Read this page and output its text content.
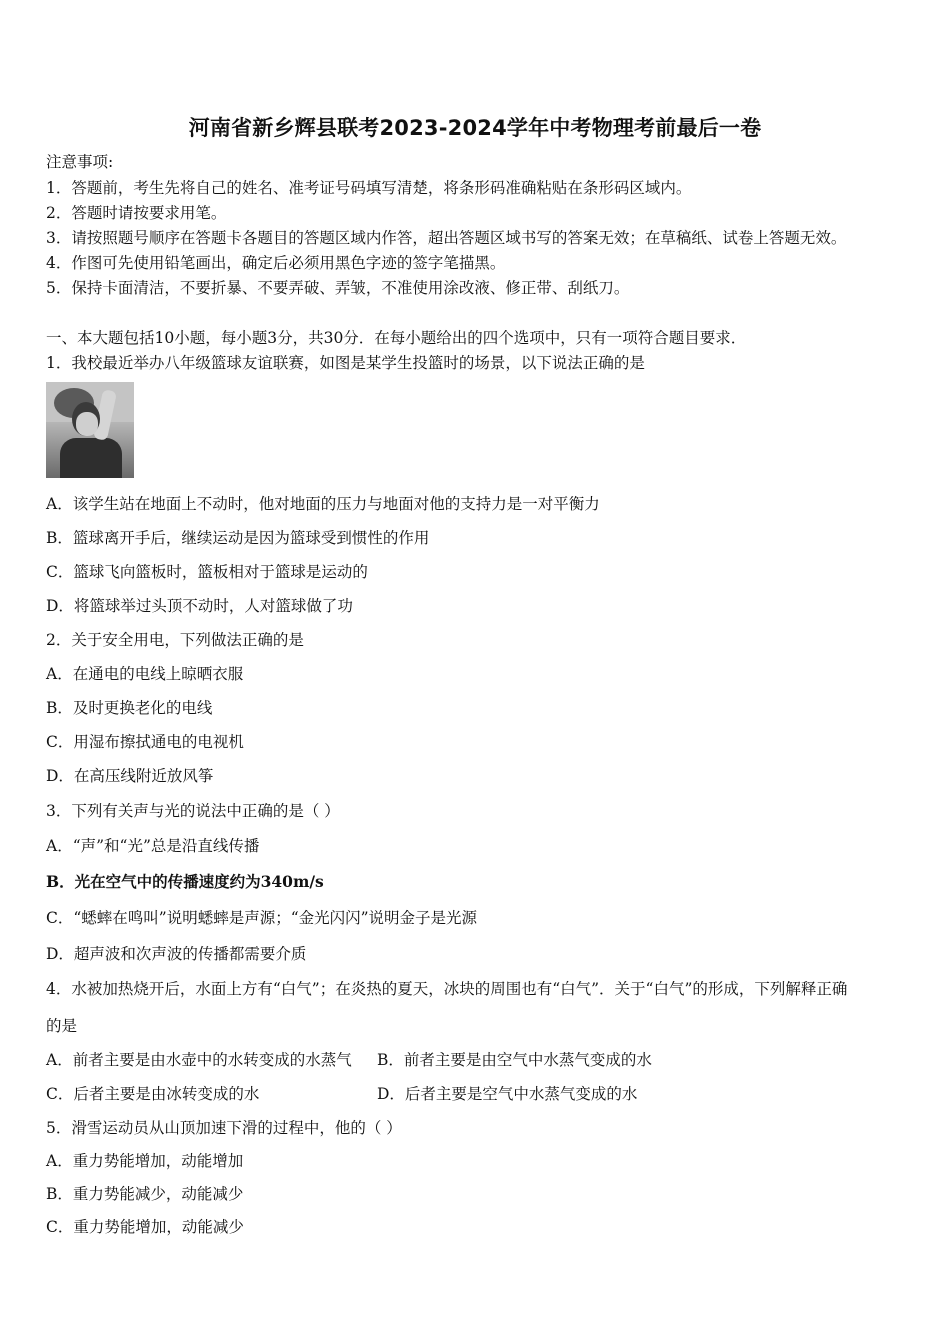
河南省新乡辉县联考2023-2024学年中考物理考前最后一卷
注意事项:
1．答题前，考生先将自己的姓名、准考证号码填写清楚，将条形码准确粘贴在条形码区域内。
2．答题时请按要求用笔。
3．请按照题号顺序在答题卡各题目的答题区域内作答，超出答题区域书写的答案无效；在草稿纸、试卷上答题无效。
4．作图可先使用铅笔画出，确定后必须用黑色字迹的签字笔描黑。
5．保持卡面清洁，不要折暴、不要弄破、弄皱，不准使用涂改液、修正带、刮纸刀。
一、本大题包括10小题，每小题3分，共30分．在每小题给出的四个选项中，只有一项符合题目要求．
1．我校最近举办八年级篮球友谊联赛，如图是某学生投篮时的场景，以下说法正确的是
A．该学生站在地面上不动时，他对地面的压力与地面对他的支持力是一对平衡力
B．篮球离开手后，继续运动是因为篮球受到惯性的作用
C．篮球飞向篮板时，篮板相对于篮球是运动的
D．将篮球举过头顶不动时，人对篮球做了功
2．关于安全用电，下列做法正确的是
A．在通电的电线上晾晒衣服
B．及时更换老化的电线
C．用湿布擦拭通电的电视机
D．在高压线附近放风筝
3．下列有关声与光的说法中正确的是（ ）
A．“声”和“光”总是沿直线传播
B．光在空气中的传播速度约为340m/s
C．“蟋蟀在鸣叫”说明蟋蟀是声源；“金光闪闪”说明金子是光源
D．超声波和次声波的传播都需要介质
4．水被加热烧开后，水面上方有“白气”；在炎热的夏天，冰块的周围也有“白气”．关于“白气”的形成，下列解释正确
的是
A．前者主要是由水壶中的水转变成的水蒸气 B．前者主要是由空气中水蒸气变成的水
C．后者主要是由冰转变成的水	D．后者主要是空气中水蒸气变成的水
5．滑雪运动员从山顶加速下滑的过程中，他的（ ）
A．重力势能增加，动能增加
B．重力势能减少，动能减少
C．重力势能增加，动能减少
